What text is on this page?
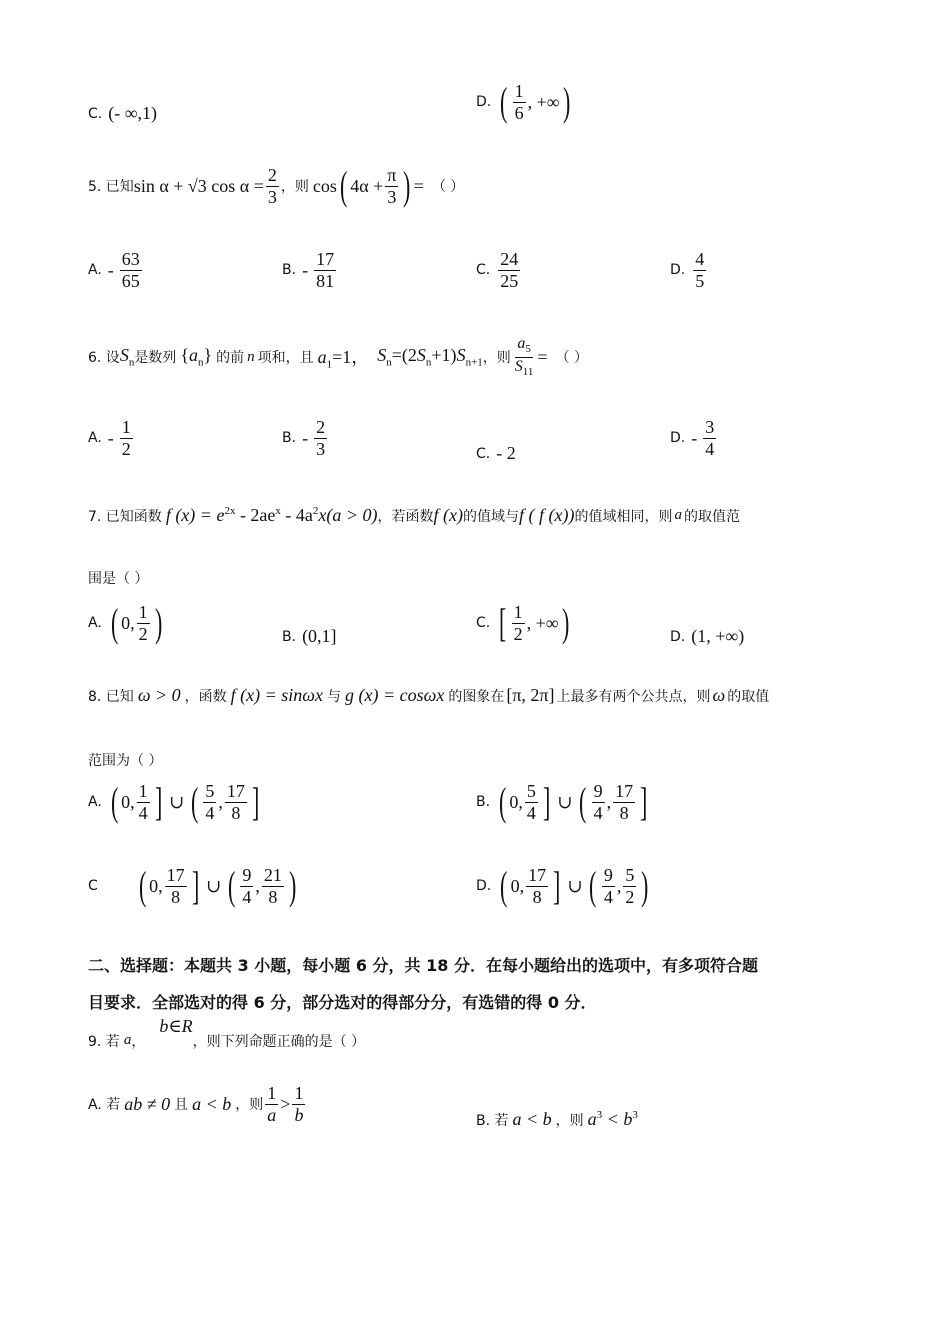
C. (- ∞,1)
D. ( $\frac{1}{6}$ , +∞ )
5. 已知 sin α + √3 $\cos \alpha = \frac{2}{3}$ ，则 cos ( $4\alpha + \frac{\pi}{3}$ ) = （ ）
A. - $\frac{63}{65}$	B. - $\frac{17}{81}$	C. $\frac{24}{25}$	D. $\frac{4}{5}$
6. 设 $S_n$ 是数列 $\{a_n\}$ 的前 n 项和，且 $a_1=1$， $S_n=(2S_n+1)S_{n+1}$ ，则 $\frac{a_5}{S_{11}}$ = （ ）
A. - $\frac{1}{2}$	B. - $\frac{2}{3}$	C. - 2
D. - $\frac{3}{4}$
7. 已知函数 f $(x) = e^{2x} - 2ae^x - 4a^2x(a > 0)$ ，若函数 f (x) 的值域与 f ( f (x)) 的值域相同，则 a 的取值范
围是（ ）
A. ( 0, $\frac{1}{2}$ )	B. (0,1]
C. [ $\frac{1}{2}$ , +∞ )	D. (1, +∞)
8. 已知 ω > 0 ，函数 f (x) = sinωx 与 g (x) = cosωx 的图象在 [π, 2π] 上最多有两个公共点，则 ω 的取值
范围为（ ）
A. ( 0, $\frac{1}{4}$ ] ∪ ( $\frac{5}{4}$ , $\frac{17}{8}$ ]	B. ( 0, $\frac{5}{4}$ ] ∪ ( $\frac{9}{4}$ , $\frac{17}{8}$ ]
C ( 0, $\frac{17}{8}$ ] ∪ ( $\frac{9}{4}$ , $\frac{21}{8}$ )	D. ( 0, $\frac{17}{8}$ ] ∪ ( $\frac{9}{4}$ , $\frac{5}{2}$ )
二、选择题：本题共 3 小题，每小题 6 分，共 18 分．在每小题给出的选项中，有多项符合题
目要求．全部选对的得 6 分，部分选对的得部分分，有选错的得 0 分．
9. 若 a ，
b∈R
，则下列命题正确的是（ ）
A. 若 ab ≠ 0 且 a < b ，则 $\frac{1}{a} > \frac{1}{b}$	B. 若 a < b ，则 $a^3 < b^3$
